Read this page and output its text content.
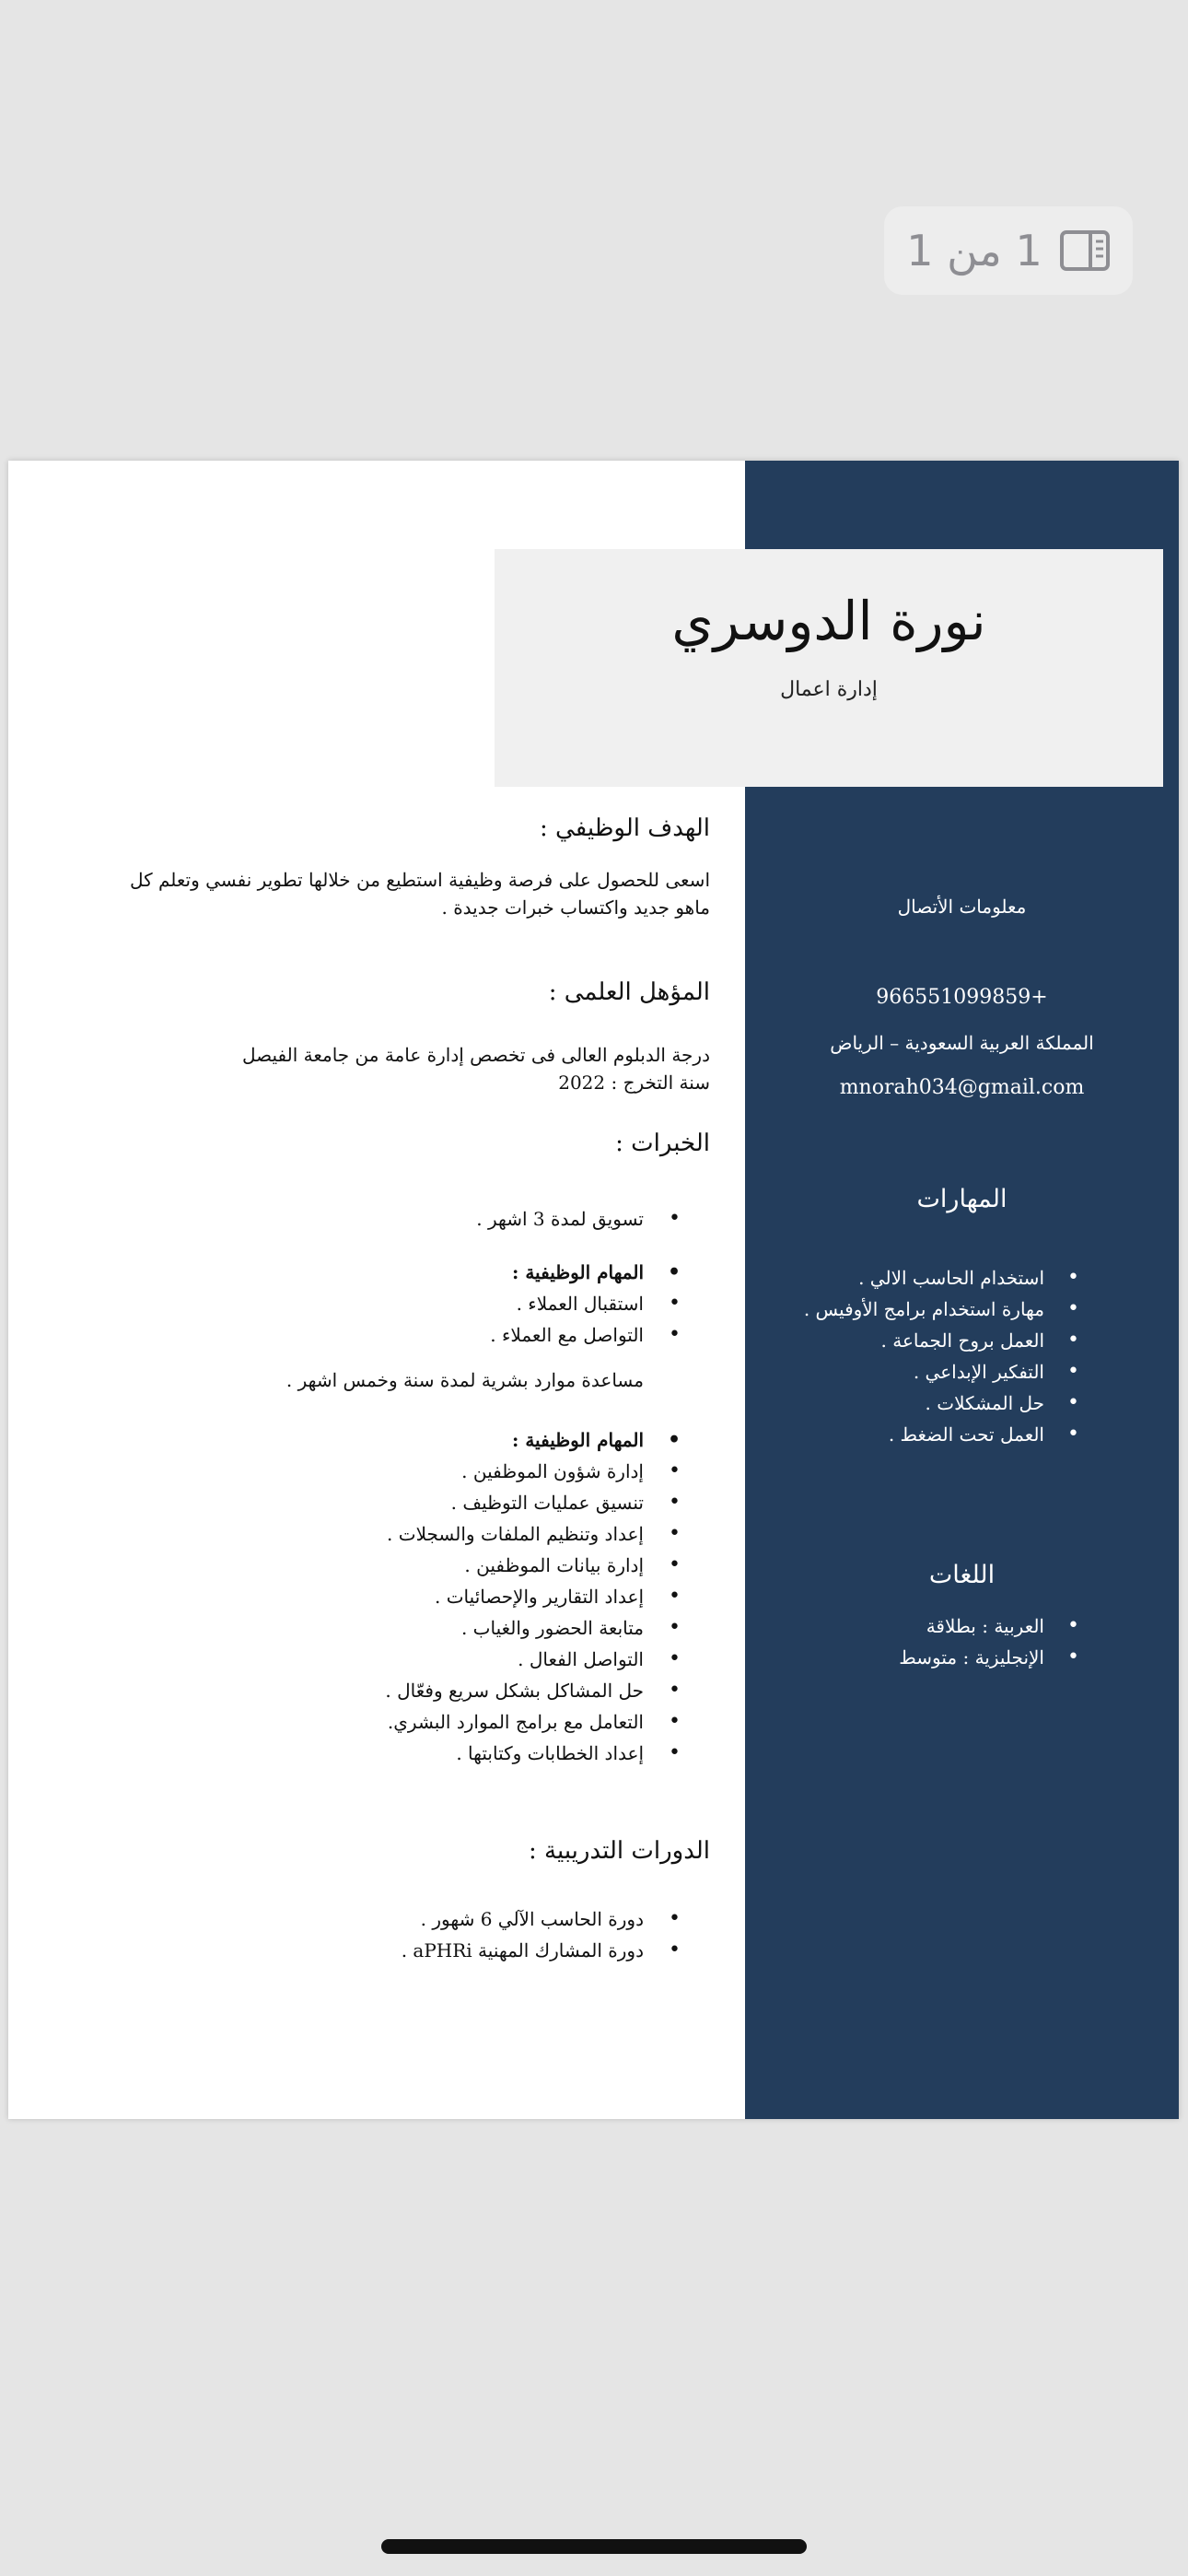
1 من 1
نورة الدوسري
إدارة اعمال
الهدف الوظيفي :

اسعى للحصول على فرصة وظيفية استطيع من خلالها تطوير نفسي وتعلم كل

ماهو جديد واكتساب خبرات جديدة .

المؤهل العلمى :

درجة الدبلوم العالى فى تخصص إدارة عامة من جامعة الفيصل

سنة التخرج : 2022

الخبرات :
• تسويق لمدة 3 اشهر .
• المهام الوظيفية :
• استقبال العملاء .
• التواصل مع العملاء .
مساعدة موارد بشرية لمدة سنة وخمس اشهر .
• المهام الوظيفية :
• إدارة شؤون الموظفين .
• تنسيق عمليات التوظيف .
• إعداد وتنظيم الملفات والسجلات .
• إدارة بيانات الموظفين .
• إعداد التقارير والإحصائيات .
• متابعة الحضور والغياب .
• التواصل الفعال .
• حل المشاكل بشكل سريع وفعّال .
• التعامل مع برامج الموارد البشري.
• إعداد الخطابات وكتابتها .
الدورات التدريبية :
• دورة الحاسب الآلي 6 شهور .
• دورة المشارك المهنية aPHRi .
معلومات الأتصال
+966551099859
المملكة العربية السعودية – الرياض
mnorah034@gmail.com
المهارات
• استخدام الحاسب الالي .
• مهارة استخدام برامج الأوفيس .
• العمل بروح الجماعة .
• التفكير الإبداعي .
• حل المشكلات .
• العمل تحت الضغط .
اللغات
• العربية : بطلاقة
• الإنجليزية : متوسط
